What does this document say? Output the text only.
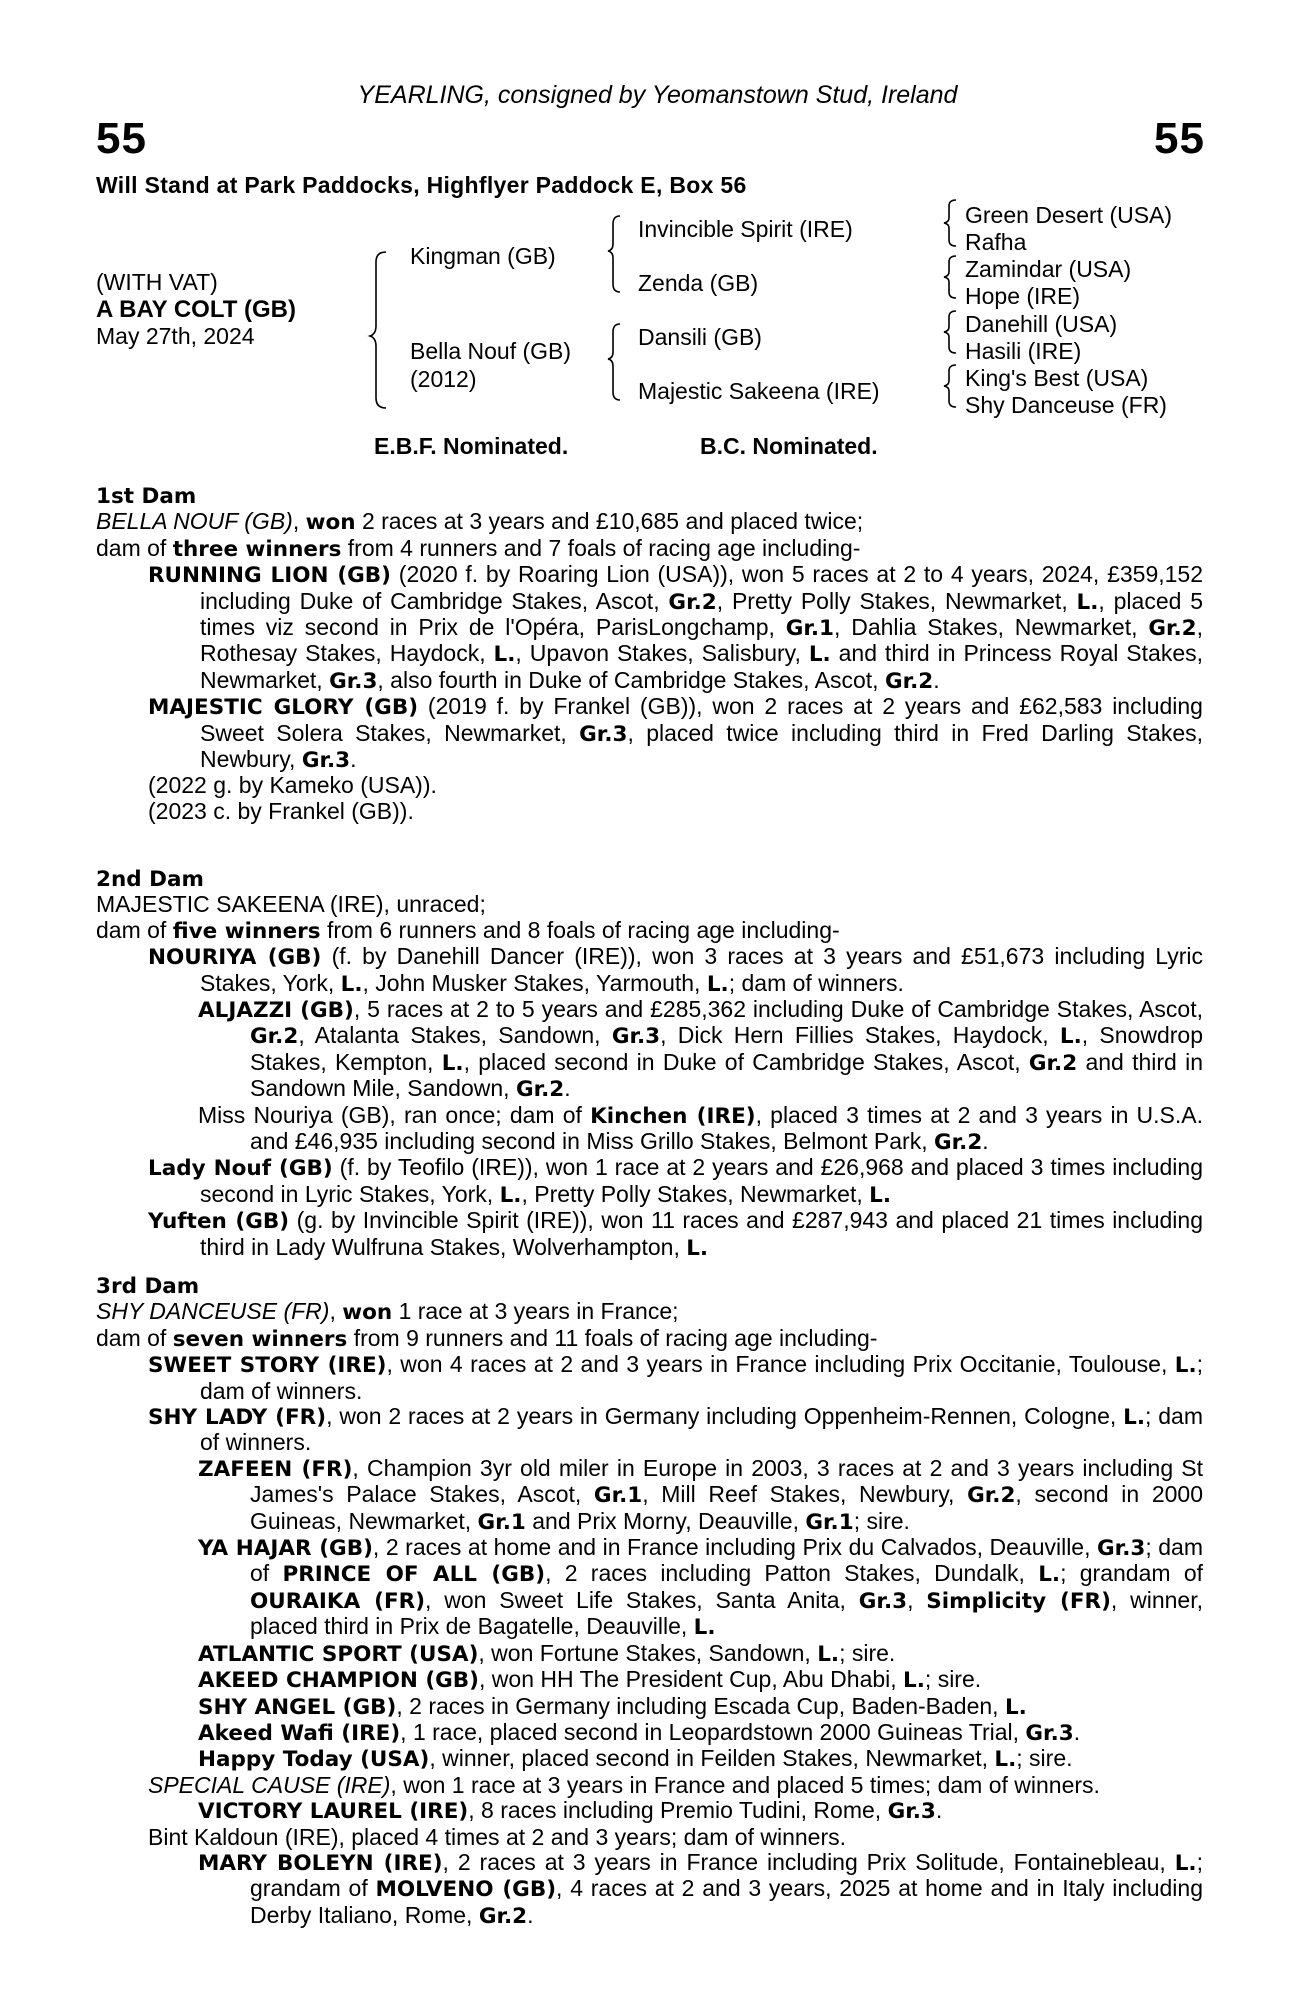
55	55
YEARLING, consigned by Yeomanstown Stud, Ireland
Will Stand at Park Paddocks, Highflyer Paddock E, Box 56
(WITH VAT)
A BAY COLT (GB)
May 27th, 2024
Kingman (GB)
Bella Nouf (GB)
(2012)
Invincible Spirit (IRE)
Zenda (GB)
Dansili (GB)
Majestic Sakeena (IRE)
Green Desert (USA)
Rafha
Zamindar (USA)
Hope (IRE)
Danehill (USA)
Hasili (IRE)
King's Best (USA)
Shy Danceuse (FR)
E.B.F. Nominated.	B.C. Nominated.

1st Dam

BELLA NOUF (GB), won 2 races at 3 years and £10,685 and placed twice;

dam of three winners from 4 runners and 7 foals of racing age including-

RUNNING LION (GB) (2020 f. by Roaring Lion (USA)), won 5 races at 2 to 4 years, 2024, £359,152 including Duke of Cambridge Stakes, Ascot, Gr.2, Pretty Polly Stakes, Newmarket, L., placed 5 times viz second in Prix de l'Opéra, ParisLongchamp, Gr.1, Dahlia Stakes, Newmarket, Gr.2, Rothesay Stakes, Haydock, L., Upavon Stakes, Salisbury, L. and third in Princess Royal Stakes, Newmarket, Gr.3, also fourth in Duke of Cambridge Stakes, Ascot, Gr.2.

MAJESTIC GLORY (GB) (2019 f. by Frankel (GB)), won 2 races at 2 years and £62,583 including Sweet Solera Stakes, Newmarket, Gr.3, placed twice including third in Fred Darling Stakes, Newbury, Gr.3.

(2022 g. by Kameko (USA)).

(2023 c. by Frankel (GB)).

2nd Dam

MAJESTIC SAKEENA (IRE), unraced;

dam of five winners from 6 runners and 8 foals of racing age including-

NOURIYA (GB) (f. by Danehill Dancer (IRE)), won 3 races at 3 years and £51,673 including Lyric Stakes, York, L., John Musker Stakes, Yarmouth, L.; dam of winners.

ALJAZZI (GB), 5 races at 2 to 5 years and £285,362 including Duke of Cambridge Stakes, Ascot, Gr.2, Atalanta Stakes, Sandown, Gr.3, Dick Hern Fillies Stakes, Haydock, L., Snowdrop Stakes, Kempton, L., placed second in Duke of Cambridge Stakes, Ascot, Gr.2 and third in Sandown Mile, Sandown, Gr.2.

Miss Nouriya (GB), ran once; dam of Kinchen (IRE), placed 3 times at 2 and 3 years in U.S.A. and £46,935 including second in Miss Grillo Stakes, Belmont Park, Gr.2.

Lady Nouf (GB) (f. by Teofilo (IRE)), won 1 race at 2 years and £26,968 and placed 3 times including second in Lyric Stakes, York, L., Pretty Polly Stakes, Newmarket, L.

Yuften (GB) (g. by Invincible Spirit (IRE)), won 11 races and £287,943 and placed 21 times including third in Lady Wulfruna Stakes, Wolverhampton, L.

3rd Dam

SHY DANCEUSE (FR), won 1 race at 3 years in France;

dam of seven winners from 9 runners and 11 foals of racing age including-

SWEET STORY (IRE), won 4 races at 2 and 3 years in France including Prix Occitanie, Toulouse, L.; dam of winners.

SHY LADY (FR), won 2 races at 2 years in Germany including Oppenheim-Rennen, Cologne, L.; dam of winners.

ZAFEEN (FR), Champion 3yr old miler in Europe in 2003, 3 races at 2 and 3 years including St James's Palace Stakes, Ascot, Gr.1, Mill Reef Stakes, Newbury, Gr.2, second in 2000 Guineas, Newmarket, Gr.1 and Prix Morny, Deauville, Gr.1; sire.

YA HAJAR (GB), 2 races at home and in France including Prix du Calvados, Deauville, Gr.3; dam of PRINCE OF ALL (GB), 2 races including Patton Stakes, Dundalk, L.; grandam of OURAIKA (FR), won Sweet Life Stakes, Santa Anita, Gr.3, Simplicity (FR), winner, placed third in Prix de Bagatelle, Deauville, L.

ATLANTIC SPORT (USA), won Fortune Stakes, Sandown, L.; sire.

AKEED CHAMPION (GB), won HH The President Cup, Abu Dhabi, L.; sire.

SHY ANGEL (GB), 2 races in Germany including Escada Cup, Baden-Baden, L.

Akeed Wafi (IRE), 1 race, placed second in Leopardstown 2000 Guineas Trial, Gr.3.

Happy Today (USA), winner, placed second in Feilden Stakes, Newmarket, L.; sire.

SPECIAL CAUSE (IRE), won 1 race at 3 years in France and placed 5 times; dam of winners.

VICTORY LAUREL (IRE), 8 races including Premio Tudini, Rome, Gr.3.

Bint Kaldoun (IRE), placed 4 times at 2 and 3 years; dam of winners.

MARY BOLEYN (IRE), 2 races at 3 years in France including Prix Solitude, Fontainebleau, L.; grandam of MOLVENO (GB), 4 races at 2 and 3 years, 2025 at home and in Italy including Derby Italiano, Rome, Gr.2.
